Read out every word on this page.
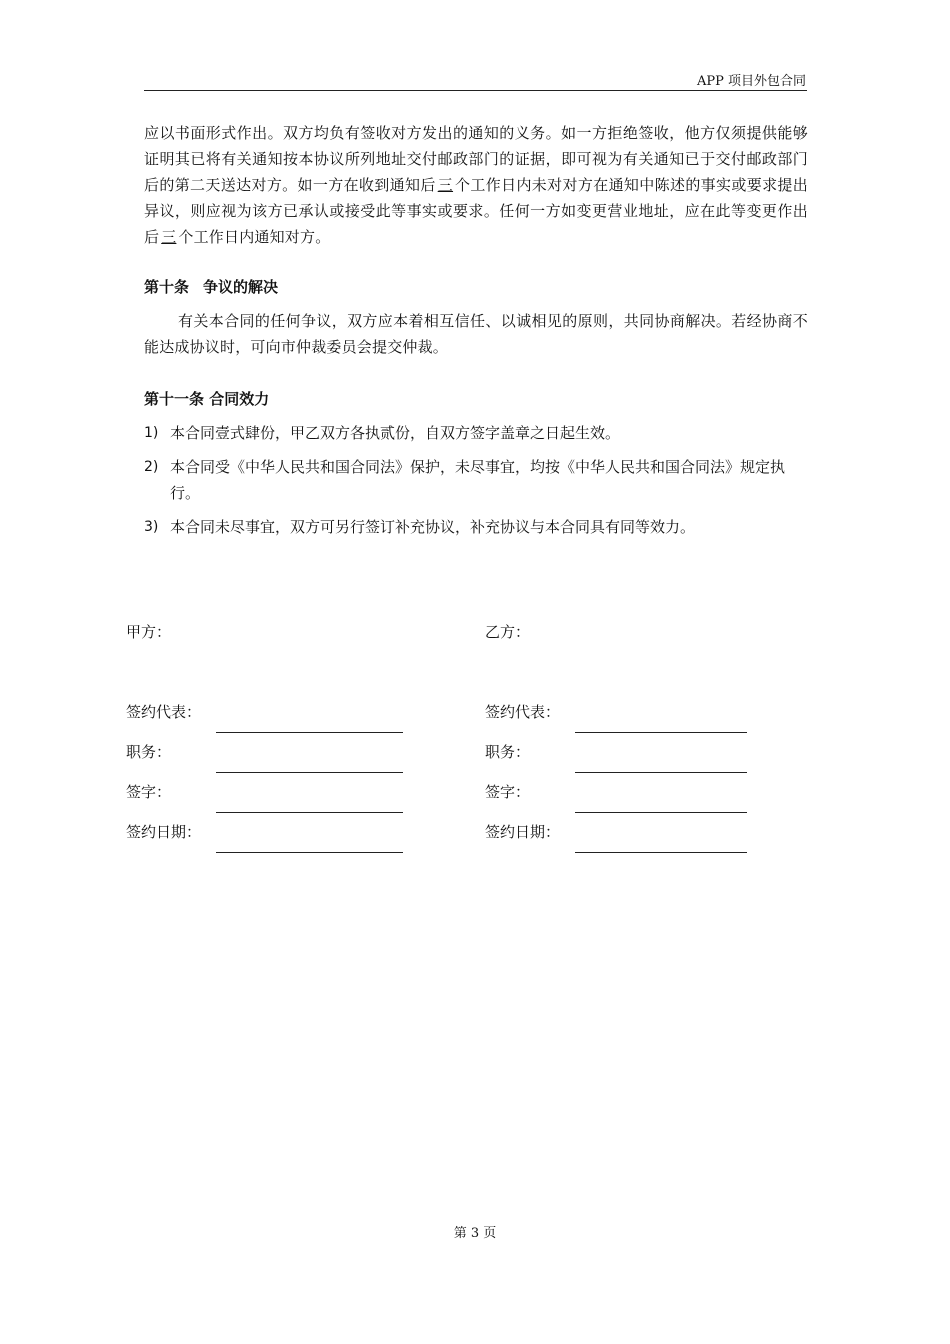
APP 项目外包合同

应以书面形式作出。双方均负有签收对方发出的通知的义务。如一方拒绝签收，他方仅须提供能够证明其已将有关通知按本协议所列地址交付邮政部门的证据，即可视为有关通知已于交付邮政部门后的第二天送达对方。如一方在收到通知后 三 个工作日内未对对方在通知中陈述的事实或要求提出异议，则应视为该方已承认或接受此等事实或要求。任何一方如变更营业地址，应在此等变更作出后 三 个工作日内通知对方。

第十条 争议的解决

有关本合同的任何争议，双方应本着相互信任、以诚相见的原则，共同协商解决。若经协商不能达成协议时，可向市仲裁委员会提交仲裁。

第十一条 合同效力

1) 本合同壹式肆份，甲乙双方各执贰份，自双方签字盖章之日起生效。
2) 本合同受《中华人民共和国合同法》保护，未尽事宜，均按《中华人民共和国合同法》规定执行。
3) 本合同未尽事宜，双方可另行签订补充协议，补充协议与本合同具有同等效力。
甲方：	乙方：
签约代表：	签约代表：
职务：	职务：
签字：	签字：
签约日期：	签约日期：
第 3 页
